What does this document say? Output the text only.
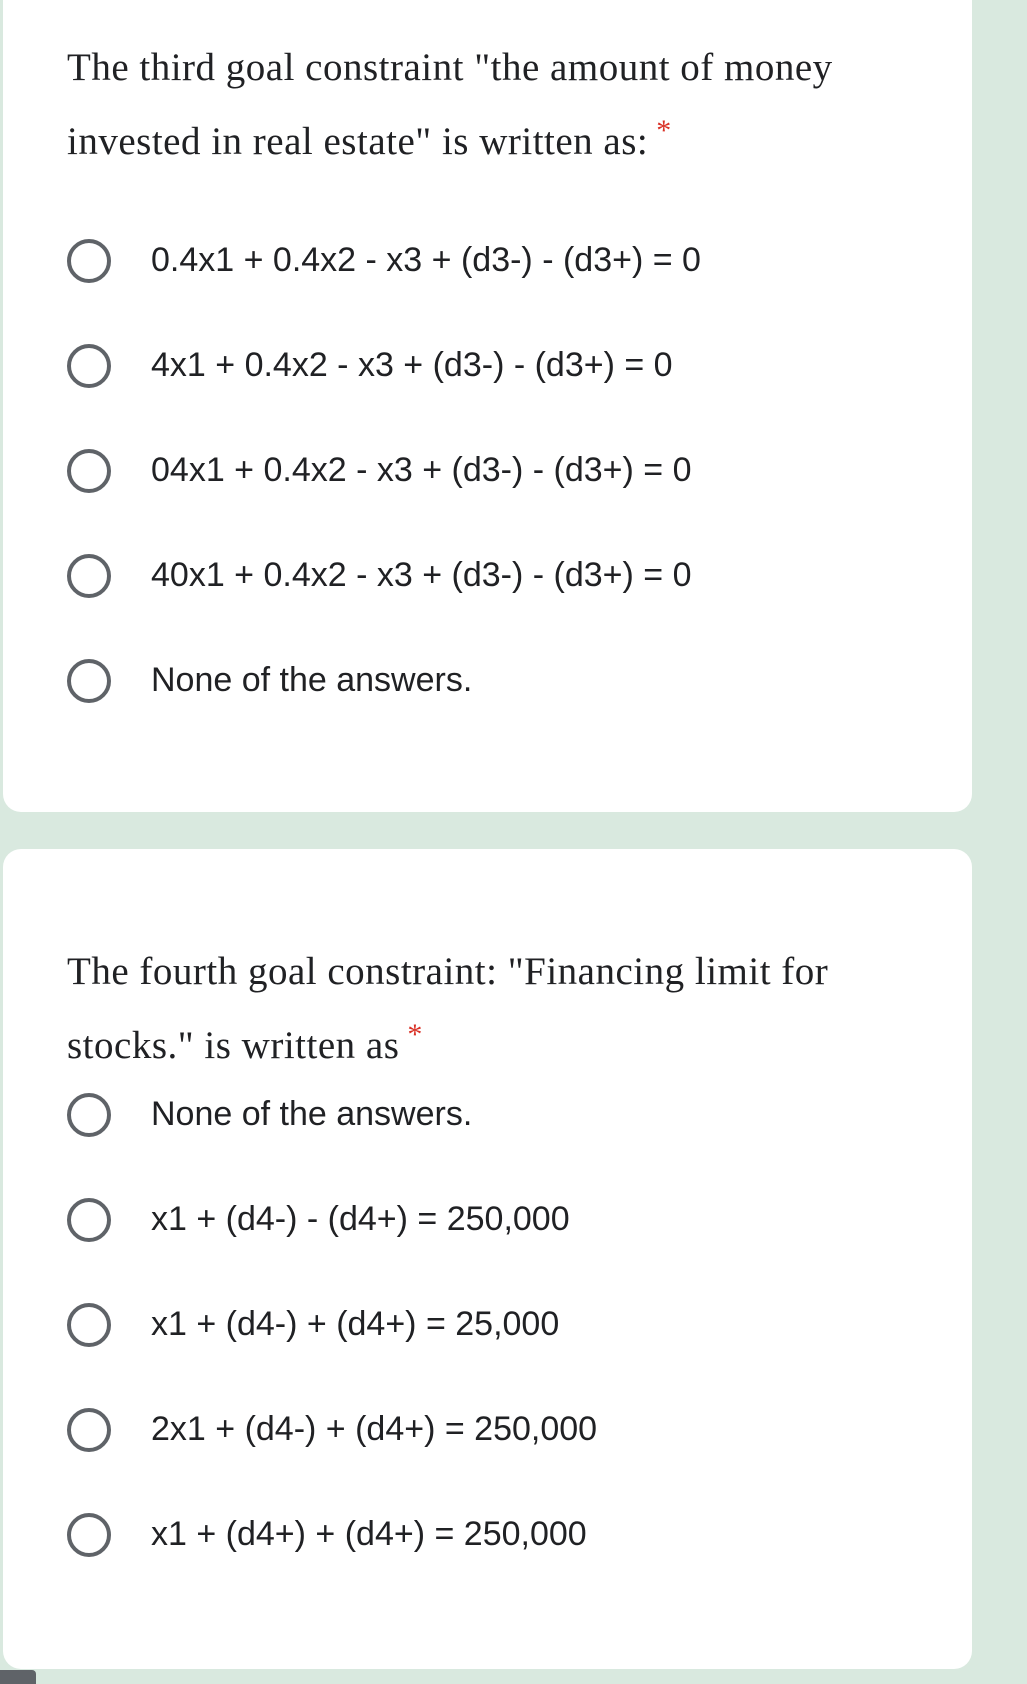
The third goal constraint "the amount of money invested in real estate" is written as: *
0.4x1 + 0.4x2 - x3 + (d3-) - (d3+) = 0
4x1 + 0.4x2 - x3 + (d3-) - (d3+) = 0
04x1 + 0.4x2 - x3 + (d3-) - (d3+) = 0
40x1 + 0.4x2 - x3 + (d3-) - (d3+) = 0
None of the answers.
The fourth goal constraint: "Financing limit for stocks." is written as *
None of the answers.
x1 + (d4-) - (d4+) = 250,000
x1 + (d4-) + (d4+) = 25,000
2x1 + (d4-) + (d4+) = 250,000
x1 + (d4+) + (d4+) = 250,000
